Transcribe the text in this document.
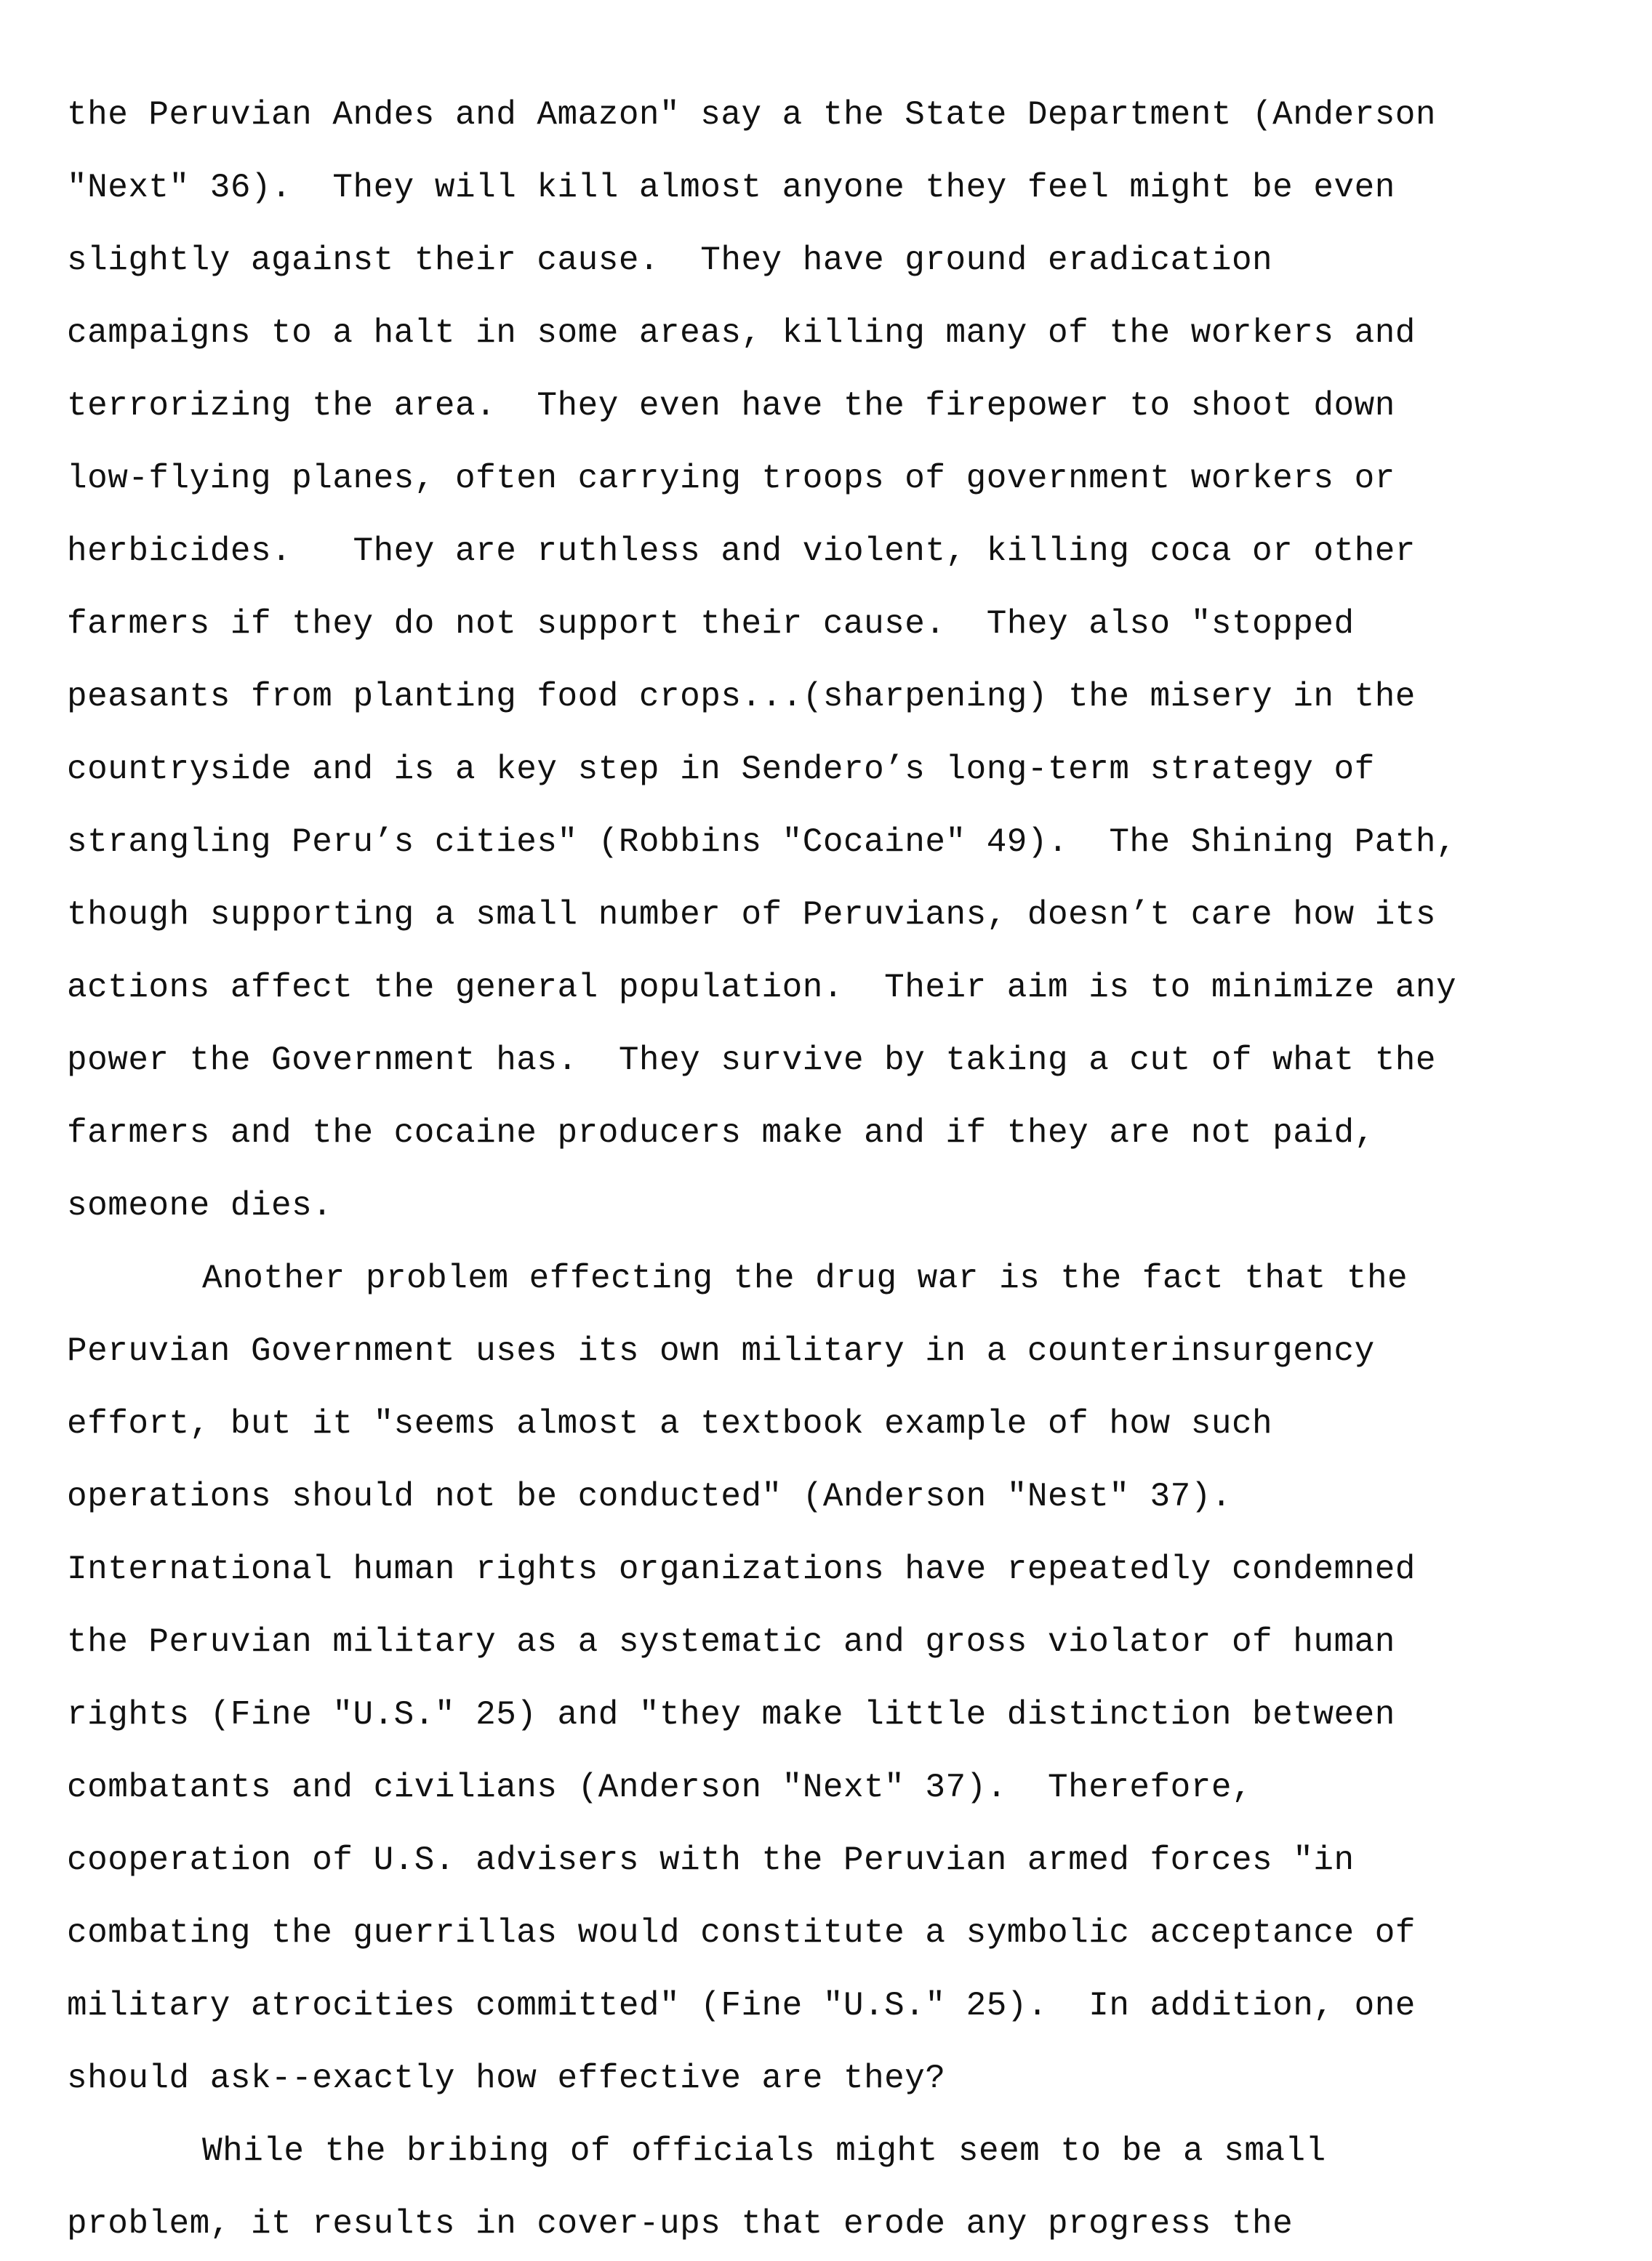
the Peruvian Andes and Amazon" say a the State Department (Anderson
"Next" 36).  They will kill almost anyone they feel might be even
slightly against their cause.  They have ground eradication
campaigns to a halt in some areas, killing many of the workers and
terrorizing the area.  They even have the firepower to shoot down
low-flying planes, often carrying troops of government workers or
herbicides.   They are ruthless and violent, killing coca or other
farmers if they do not support their cause.  They also "stopped
peasants from planting food crops...(sharpening) the misery in the
countryside and is a key step in Sendero’s long-term strategy of
strangling Peru’s cities" (Robbins "Cocaine" 49).  The Shining Path,
though supporting a small number of Peruvians, doesn’t care how its
actions affect the general population.  Their aim is to minimize any
power the Government has.  They survive by taking a cut of what the
farmers and the cocaine producers make and if they are not paid,
someone dies.
Another problem effecting the drug war is the fact that the
Peruvian Government uses its own military in a counterinsurgency
effort, but it "seems almost a textbook example of how such
operations should not be conducted" (Anderson "Nest" 37).
International human rights organizations have repeatedly condemned
the Peruvian military as a systematic and gross violator of human
rights (Fine "U.S." 25) and "they make little distinction between
combatants and civilians (Anderson "Next" 37).  Therefore,
cooperation of U.S. advisers with the Peruvian armed forces "in
combating the guerrillas would constitute a symbolic acceptance of
military atrocities committed" (Fine "U.S." 25).  In addition, one
should ask--exactly how effective are they?
While the bribing of officials might seem to be a small
problem, it results in cover-ups that erode any progress the
